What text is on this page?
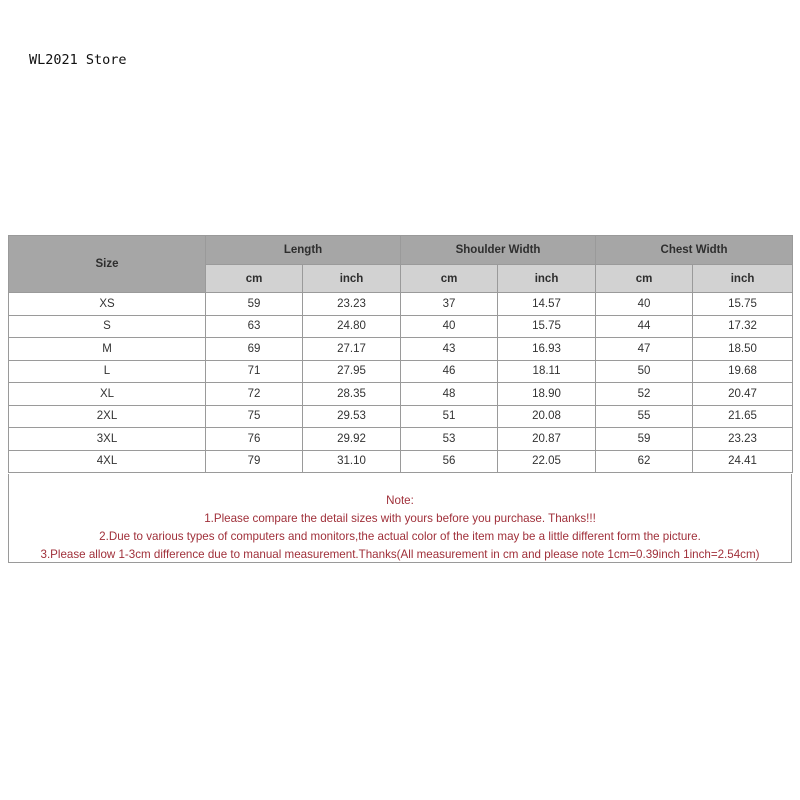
WL2021 Store
Size	Length		Shoulder Width		Chest Width	
	cm	inch	cm	inch	cm	inch
XS	59	23.23	37	14.57	40	15.75
S	63	24.80	40	15.75	44	17.32
M	69	27.17	43	16.93	47	18.50
L	71	27.95	46	18.11	50	19.68
XL	72	28.35	48	18.90	52	20.47
2XL	75	29.53	51	20.08	55	21.65
3XL	76	29.92	53	20.87	59	23.23
4XL	79	31.10	56	22.05	62	24.41
Note:
1.Please compare the detail sizes with yours before you purchase. Thanks!!!
2.Due to various types of computers and monitors,the actual color of the item may be a little different form the picture.
3.Please allow 1-3cm difference due to manual measurement.Thanks(All measurement in cm and please note 1cm=0.39inch 1inch=2.54cm)
